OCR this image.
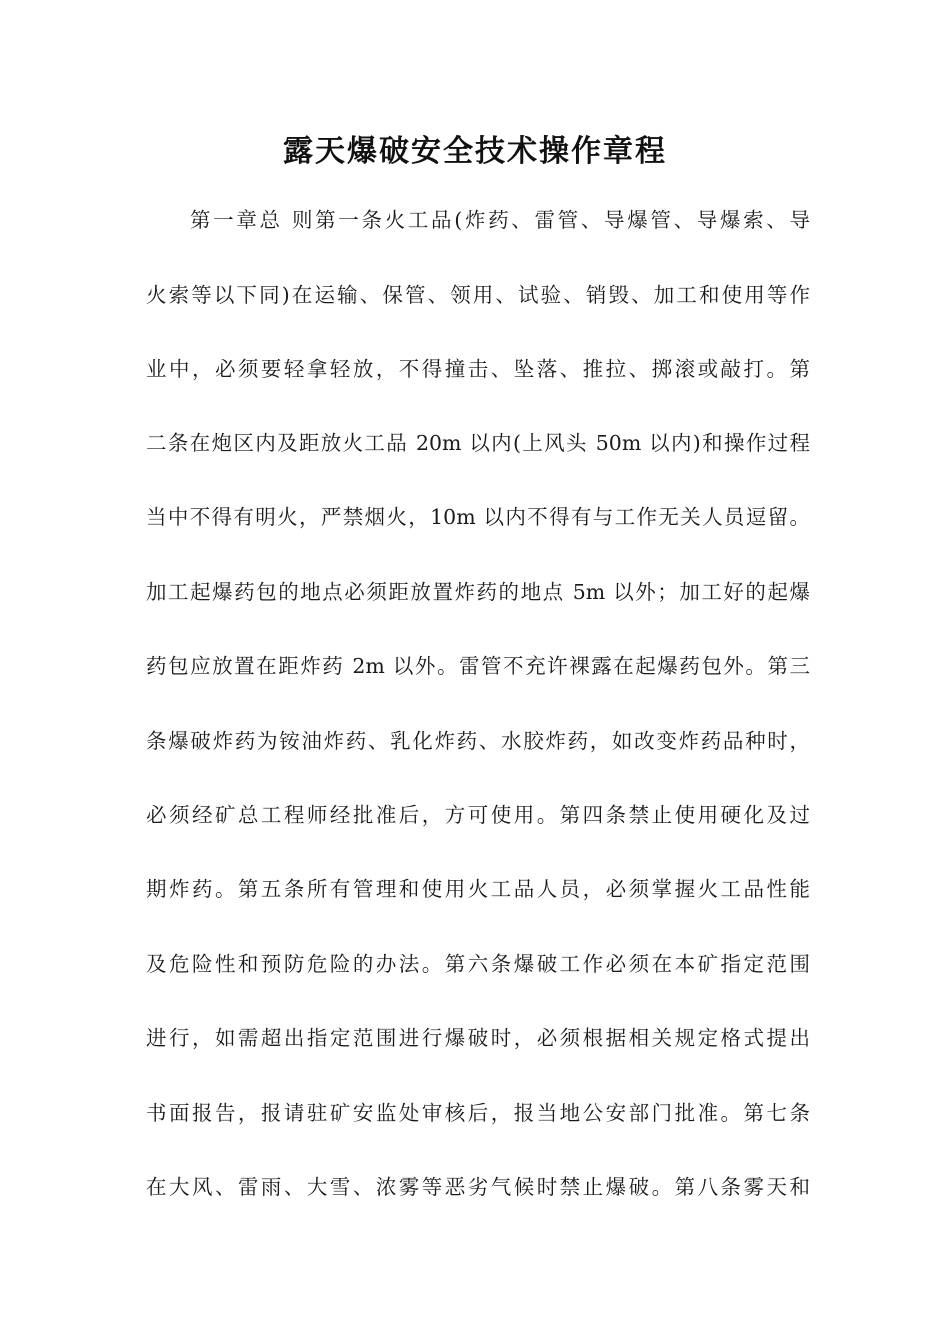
露天爆破安全技术操作章程
第一章总 则第一条火工品(炸药、雷管、导爆管、导爆索、导
火索等以下同)在运输、保管、领用、试验、销毁、加工和使用等作
业中，必须要轻拿轻放，不得撞击、坠落、推拉、掷滚或敲打。第
二条在炮区内及距放火工品 20m 以内(上风头 50m 以内)和操作过程
当中不得有明火，严禁烟火，10m 以内不得有与工作无关人员逗留。
加工起爆药包的地点必须距放置炸药的地点 5m 以外；加工好的起爆
药包应放置在距炸药 2m 以外。雷管不充许裸露在起爆药包外。第三
条爆破炸药为铵油炸药、乳化炸药、水胶炸药，如改变炸药品种时，
必须经矿总工程师经批准后，方可使用。第四条禁止使用硬化及过
期炸药。第五条所有管理和使用火工品人员，必须掌握火工品性能
及危险性和预防危险的办法。第六条爆破工作必须在本矿指定范围
进行，如需超出指定范围进行爆破时，必须根据相关规定格式提出
书面报告，报请驻矿安监处审核后，报当地公安部门批准。第七条
在大风、雷雨、大雪、浓雾等恶劣气候时禁止爆破。第八条雾天和
